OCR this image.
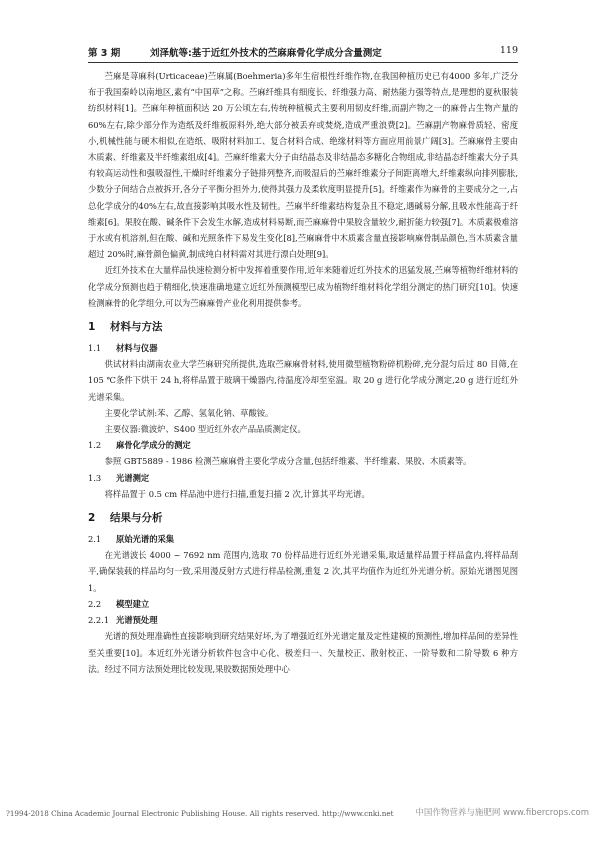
第 3 期	刘泽航等:基于近红外技术的苎麻麻骨化学成分含量测定	119

苎麻是荨麻科(Urticaceae)苎麻属(Boehmeria)多年生宿根性纤维作物,在我国种植历史已有4000 多年,广泛分布于我国秦岭以南地区,素有“中国草”之称。苎麻纤维具有细度长、纤维强力高、耐热能力强等特点,是理想的夏秋服装纺织材料[1]。苎麻年种植面积达 20 万公顷左右,传统种植模式主要利用韧皮纤维,而副产物之一的麻骨占生物产量的 60%左右,除少部分作为造纸及纤维板原料外,绝大部分被丢弃或焚烧,造成严重浪费[2]。苎麻副产物麻骨质轻、密度小,机械性能与硬木相似,在造纸、吸附材料加工、复合材料合成、绝缘材料等方面应用前景广阔[3]。苎麻麻骨主要由木质素、纤维素及半纤维素组成[4]。苎麻纤维素大分子由结晶态及非结晶态多糖化合物组成,非结晶态纤维素大分子具有较高运动性和强吸湿性,干燥时纤维素分子链排列整齐,而吸湿后的苎麻纤维素分子间距离增大,纤维素纵向排列膨胀,少数分子间结合点被拆开,各分子平衡分担外力,使得其强力及柔软度明显提升[5]。纤维素作为麻骨的主要成分之一,占总化学成分的40%左右,故直接影响其吸水性及韧性。苎麻半纤维素结构复杂且不稳定,遇碱易分解,且吸水性能高于纤维素[6]。果胶在酸、碱条件下会发生水解,造成材料易断,而苎麻麻骨中果胶含量较少,耐折能力较强[7]。木质素极难溶于水或有机溶剂,但在酸、碱和光照条件下易发生变化[8],苎麻麻骨中木质素含量直接影响麻骨制品颜色,当木质素含量超过 20%时,麻骨颜色偏黄,制成纯白材料需对其进行漂白处理[9]。

近红外技术在大量样品快速检测分析中发挥着重要作用,近年来随着近红外技术的迅猛发展,苎麻等植物纤维材料的化学成分预测也趋于精细化,快速准确地建立近红外预测模型已成为植物纤维材料化学组分测定的热门研究[10]。快速检测麻骨的化学组分,可以为苎麻麻骨产业化利用提供参考。

1 材料与方法
1.1 材料与仪器

供试材料由湖南农业大学苎麻研究所提供,选取苎麻麻骨材料,使用微型植物粉碎机粉碎,充分混匀后过 80 目筛,在 105 ℃条件下烘干 24 h,将样品置于玻璃干燥器内,待温度冷却至室温。取 20 g 进行化学成分测定,20 g 进行近红外光谱采集。

主要化学试剂:苯、乙醇、氢氧化钠、草酸铵。

主要仪器:微波炉、S400 型近红外农产品品质测定仪。

1.2 麻骨化学成分的测定

参照 GBT5889 - 1986 检测苎麻麻骨主要化学成分含量,包括纤维素、半纤维素、果胶、木质素等。

1.3 光谱测定

将样品置于 0.5 cm 样品池中进行扫描,重复扫描 2 次,计算其平均光谱。

2 结果与分析
2.1 原始光谱的采集

在光谱波长 4000 ~ 7692 nm 范围内,选取 70 份样品进行近红外光谱采集,取适量样品置于样品盒内,将样品刮平,确保装载的样品均匀一致,采用漫反射方式进行样品检测,重复 2 次,其平均值作为近红外光谱分析。原始光谱图见图 1。

2.2 模型建立
2.2.1 光谱预处理

光谱的预处理准确性直接影响到研究结果好坏,为了增强近红外光谱定量及定性建模的预测性,增加样品间的差异性至关重要[10]。本近红外光谱分析软件包含中心化、极差归一、矢量校正、散射校正、一阶导数和二阶导数 6 种方法。经过不同方法预处理比较发现,果胶数据预处理中心

?1994-2018 China Academic Journal Electronic Publishing House. All rights reserved. http://www.cnki.net	中国作物营养与施肥网 www.fibercrops.com
